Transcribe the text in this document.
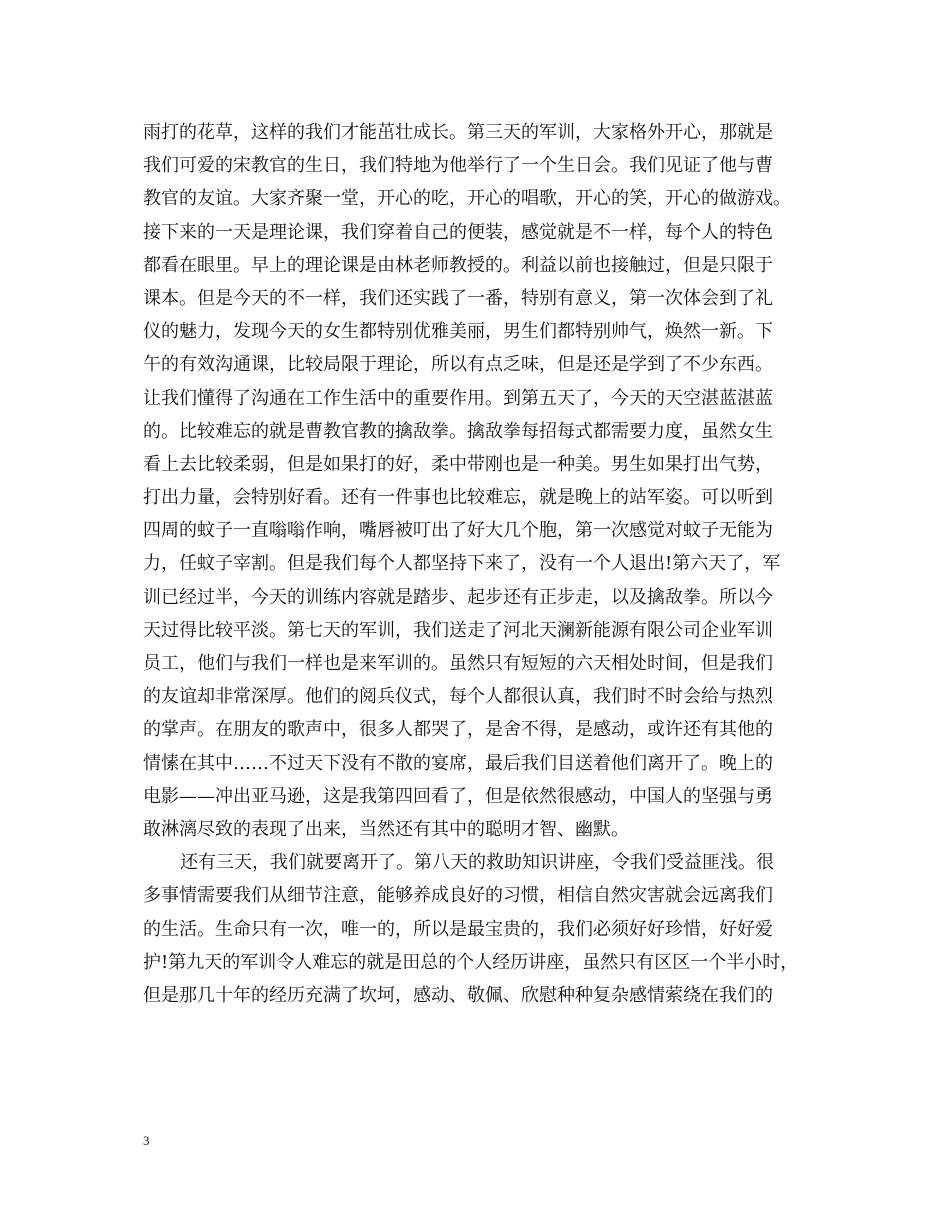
雨打的花草，这样的我们才能茁壮成长。第三天的军训，大家格外开心，那就是
我们可爱的宋教官的生日，我们特地为他举行了一个生日会。我们见证了他与曹
教官的友谊。大家齐聚一堂，开心的吃，开心的唱歌，开心的笑，开心的做游戏。
接下来的一天是理论课，我们穿着自己的便装，感觉就是不一样，每个人的特色
都看在眼里。早上的理论课是由林老师教授的。利益以前也接触过，但是只限于
课本。但是今天的不一样，我们还实践了一番，特别有意义，第一次体会到了礼
仪的魅力，发现今天的女生都特别优雅美丽，男生们都特别帅气，焕然一新。下
午的有效沟通课，比较局限于理论，所以有点乏味，但是还是学到了不少东西。
让我们懂得了沟通在工作生活中的重要作用。到第五天了，今天的天空湛蓝湛蓝
的。比较难忘的就是曹教官教的擒敌拳。擒敌拳每招每式都需要力度，虽然女生
看上去比较柔弱，但是如果打的好，柔中带刚也是一种美。男生如果打出气势，
打出力量，会特别好看。还有一件事也比较难忘，就是晚上的站军姿。可以听到
四周的蚊子一直嗡嗡作响，嘴唇被叮出了好大几个胞，第一次感觉对蚊子无能为
力，任蚊子宰割。但是我们每个人都坚持下来了，没有一个人退出!第六天了，军
训已经过半，今天的训练内容就是踏步、起步还有正步走，以及擒敌拳。所以今
天过得比较平淡。第七天的军训，我们送走了河北天澜新能源有限公司企业军训
员工，他们与我们一样也是来军训的。虽然只有短短的六天相处时间，但是我们
的友谊却非常深厚。他们的阅兵仪式，每个人都很认真，我们时不时会给与热烈
的掌声。在朋友的歌声中，很多人都哭了，是舍不得，是感动，或许还有其他的
情愫在其中……不过天下没有不散的宴席，最后我们目送着他们离开了。晚上的
电影——冲出亚马逊，这是我第四回看了，但是依然很感动，中国人的坚强与勇
敢淋漓尽致的表现了出来，当然还有其中的聪明才智、幽默。
还有三天，我们就要离开了。第八天的救助知识讲座，令我们受益匪浅。很
多事情需要我们从细节注意，能够养成良好的习惯，相信自然灾害就会远离我们
的生活。生命只有一次，唯一的，所以是最宝贵的，我们必须好好珍惜，好好爱
护!第九天的军训令人难忘的就是田总的个人经历讲座，虽然只有区区一个半小时，
但是那几十年的经历充满了坎坷，感动、敬佩、欣慰种种复杂感情萦绕在我们的
3
